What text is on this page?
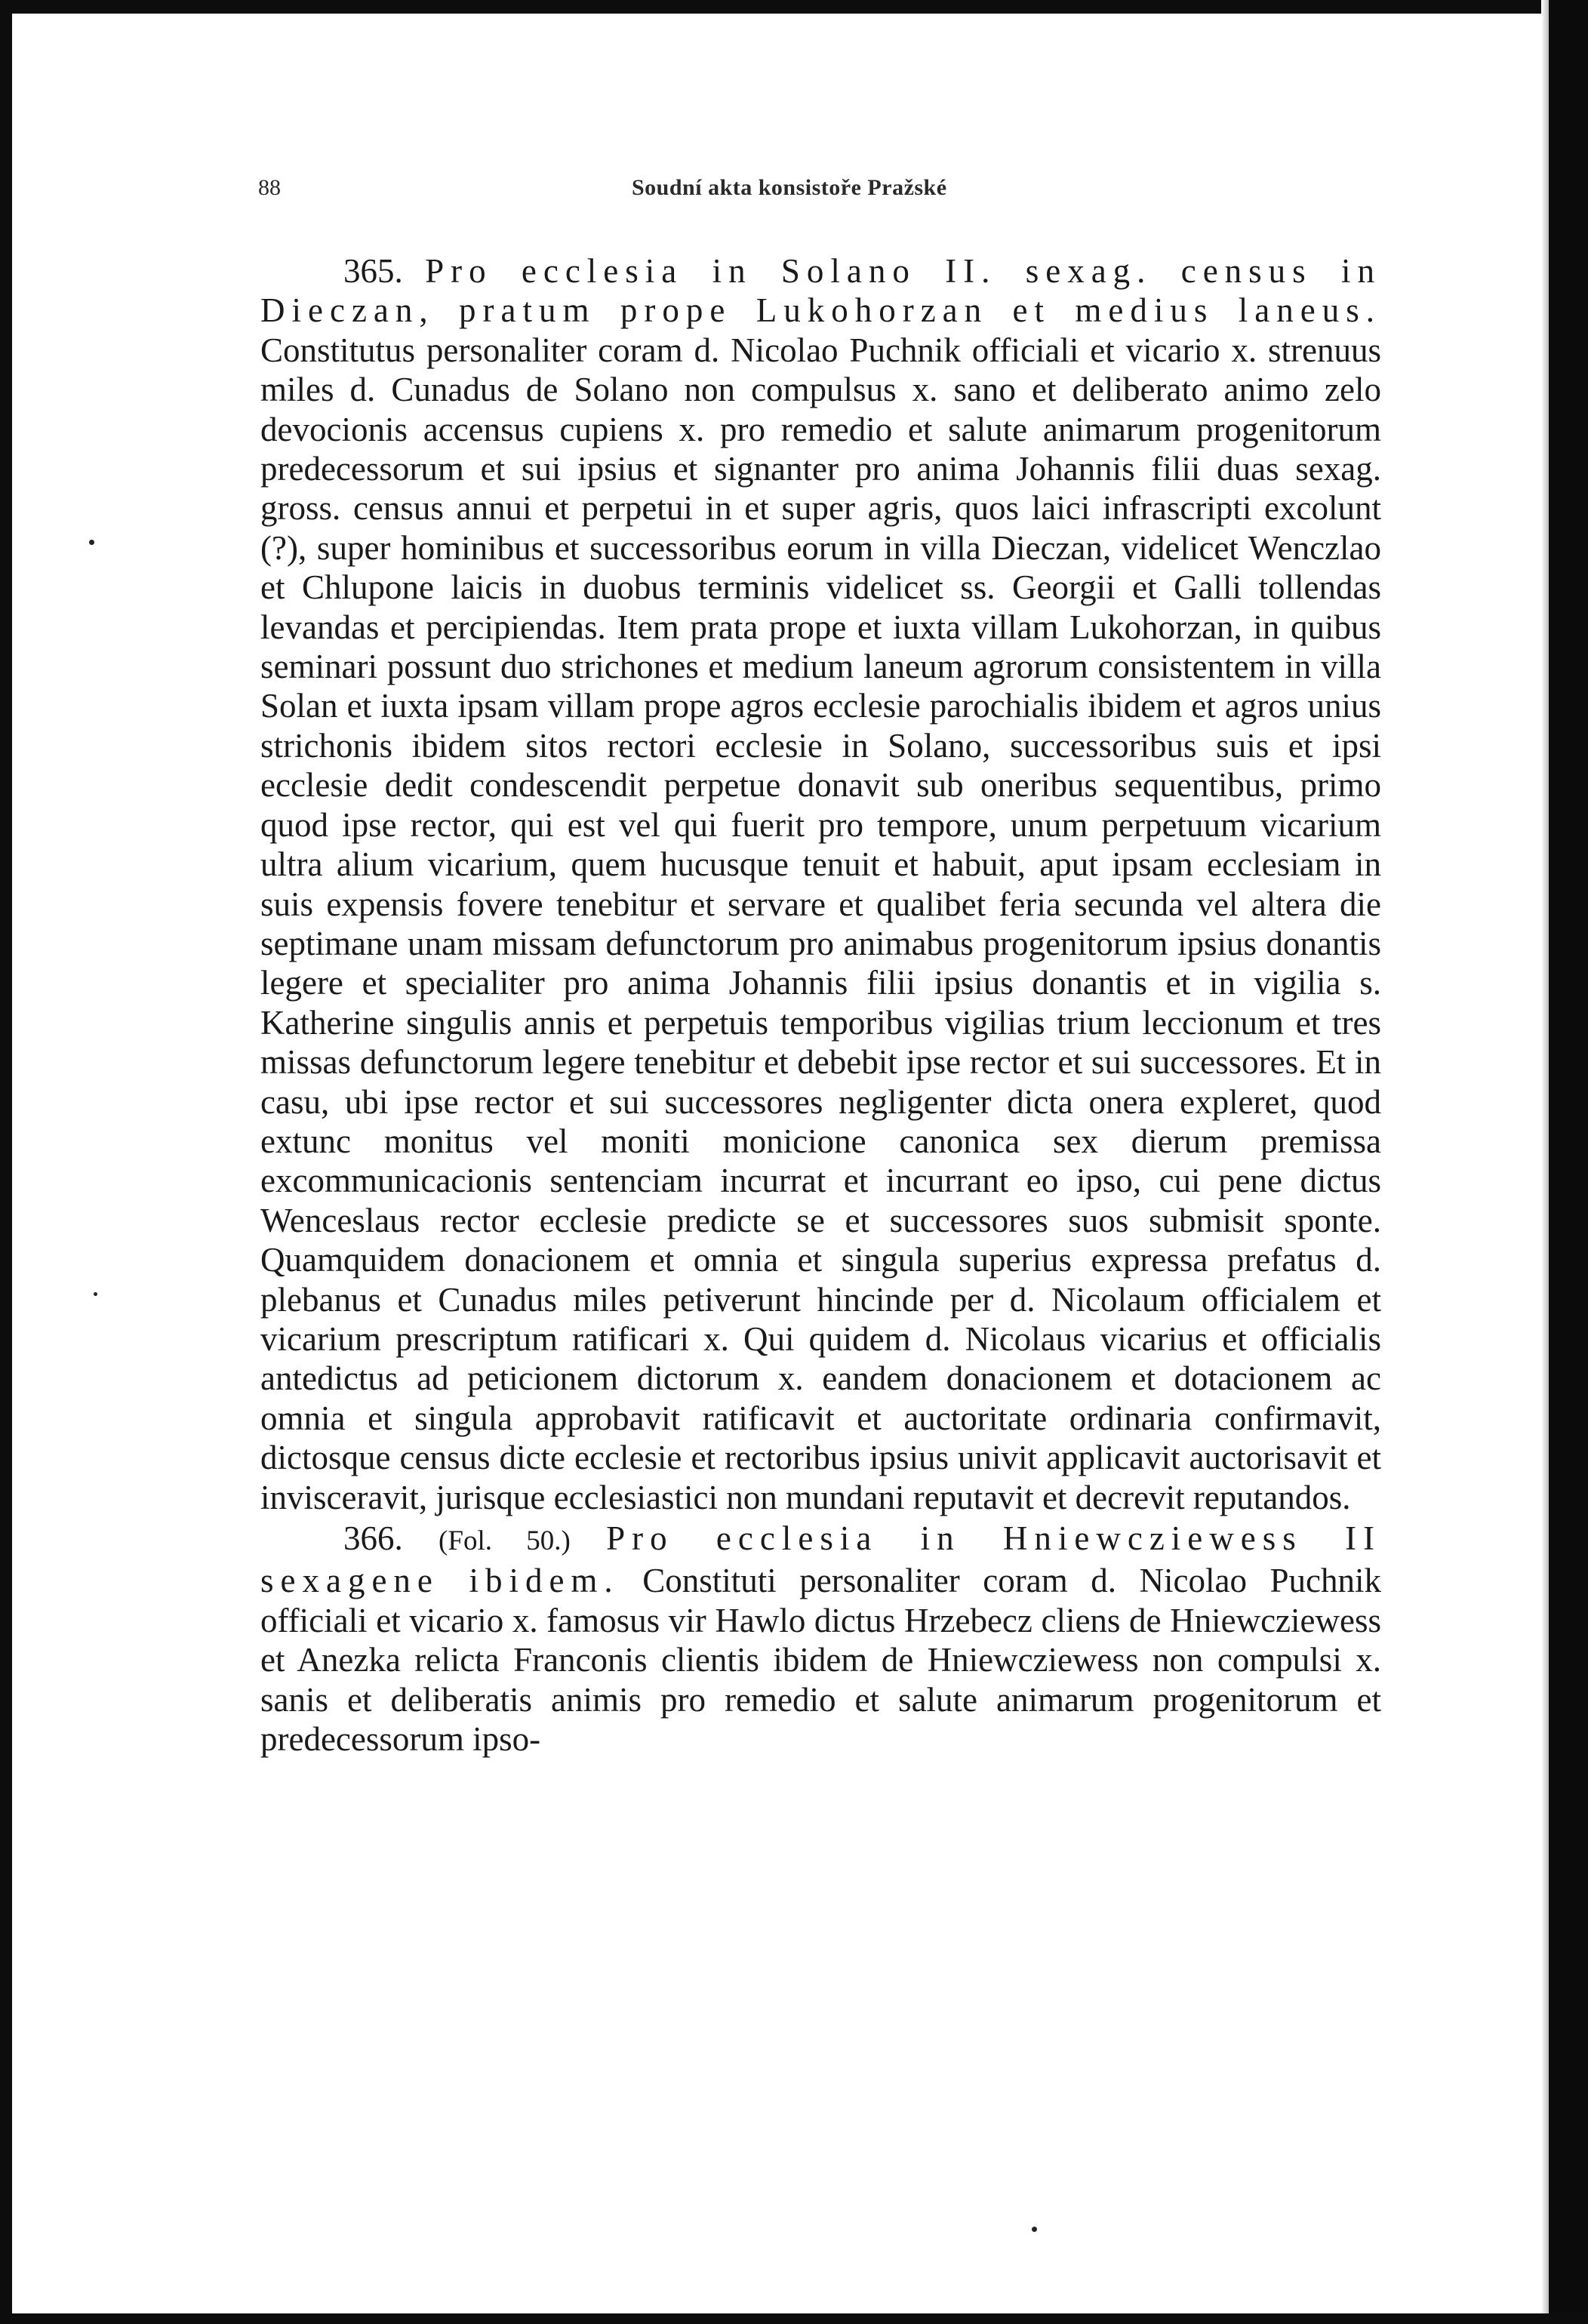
88	Soudní akta konsistoře Pražské

365. Pro ecclesia in Solano II. sexag. census in Dieczan, pratum prope Lukohorzan et medius laneus. Constitutus personaliter coram d. Nicolao Puchnik officiali et vicario x. strenuus miles d. Cunadus de Solano non compulsus x. sano et deliberato animo zelo devocionis accensus cupiens x. pro remedio et salute animarum progenitorum predecessorum et sui ipsius et signanter pro anima Johannis filii duas sexag. gross. census annui et perpetui in et super agris, quos laici infrascripti excolunt (?), super hominibus et successoribus eorum in villa Dieczan, videlicet Wenczlao et Chlupone laicis in duobus terminis videlicet ss. Georgii et Galli tollendas levandas et percipiendas. Item prata prope et iuxta villam Lukohorzan, in quibus seminari possunt duo strichones et medium laneum agrorum consistentem in villa Solan et iuxta ipsam villam prope agros ecclesie parochialis ibidem et agros unius strichonis ibidem sitos rectori ecclesie in Solano, successoribus suis et ipsi ecclesie dedit condescendit perpetue donavit sub oneribus sequentibus, primo quod ipse rector, qui est vel qui fuerit pro tempore, unum perpetuum vicarium ultra alium vicarium, quem hucusque tenuit et habuit, aput ipsam ecclesiam in suis expensis fovere tenebitur et servare et qualibet feria secunda vel altera die septimane unam missam defunctorum pro animabus progenitorum ipsius donantis legere et specialiter pro anima Johannis filii ipsius donantis et in vigilia s. Katherine singulis annis et perpetuis temporibus vigilias trium leccionum et tres missas defunctorum legere tenebitur et debebit ipse rector et sui successores. Et in casu, ubi ipse rector et sui successores negligenter dicta onera expleret, quod extunc monitus vel moniti monicione canonica sex dierum premissa excommunicacionis sentenciam incurrat et incurrant eo ipso, cui pene dictus Wenceslaus rector ecclesie predicte se et successores suos submisit sponte. Quamquidem donacionem et omnia et singula superius expressa prefatus d. plebanus et Cunadus miles petiverunt hincinde per d. Nicolaum officialem et vicarium prescriptum ratificari x. Qui quidem d. Nicolaus vicarius et officialis antedictus ad peticionem dictorum x. eandem donacionem et dotacionem ac omnia et singula approbavit ratificavit et auctoritate ordinaria confirmavit, dictosque census dicte ecclesie et rectoribus ipsius univit applicavit auctorisavit et invisceravit, jurisque ecclesiastici non mundani reputavit et decrevit reputandos.

366. (Fol. 50.) Pro ecclesia in Hniewcziewess II sexagene ibidem. Constituti personaliter coram d. Nicolao Puchnik officiali et vicario x. famosus vir Hawlo dictus Hrzebecz cliens de Hniewcziewess et Anezka relicta Franconis clientis ibidem de Hniewcziewess non compulsi x. sanis et deliberatis animis pro remedio et salute animarum progenitorum et predecessorum ipso-
